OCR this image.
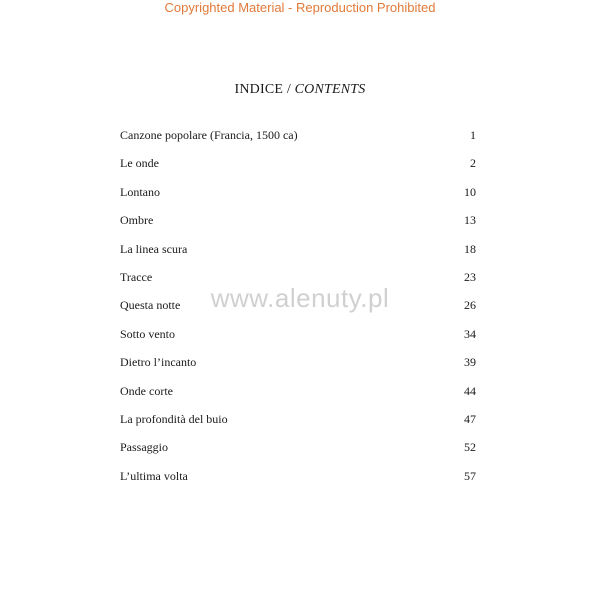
Copyrighted Material - Reproduction Prohibited
INDICE / CONTENTS
Canzone popolare (Francia, 1500 ca)	1
Le onde	2
Lontano	10
Ombre	13
La linea scura	18
Tracce	23
Questa notte	26
Sotto vento	34
Dietro l’incanto	39
Onde corte	44
La profondità del buio	47
Passaggio	52
L’ultima volta	57
www.alenuty.pl
